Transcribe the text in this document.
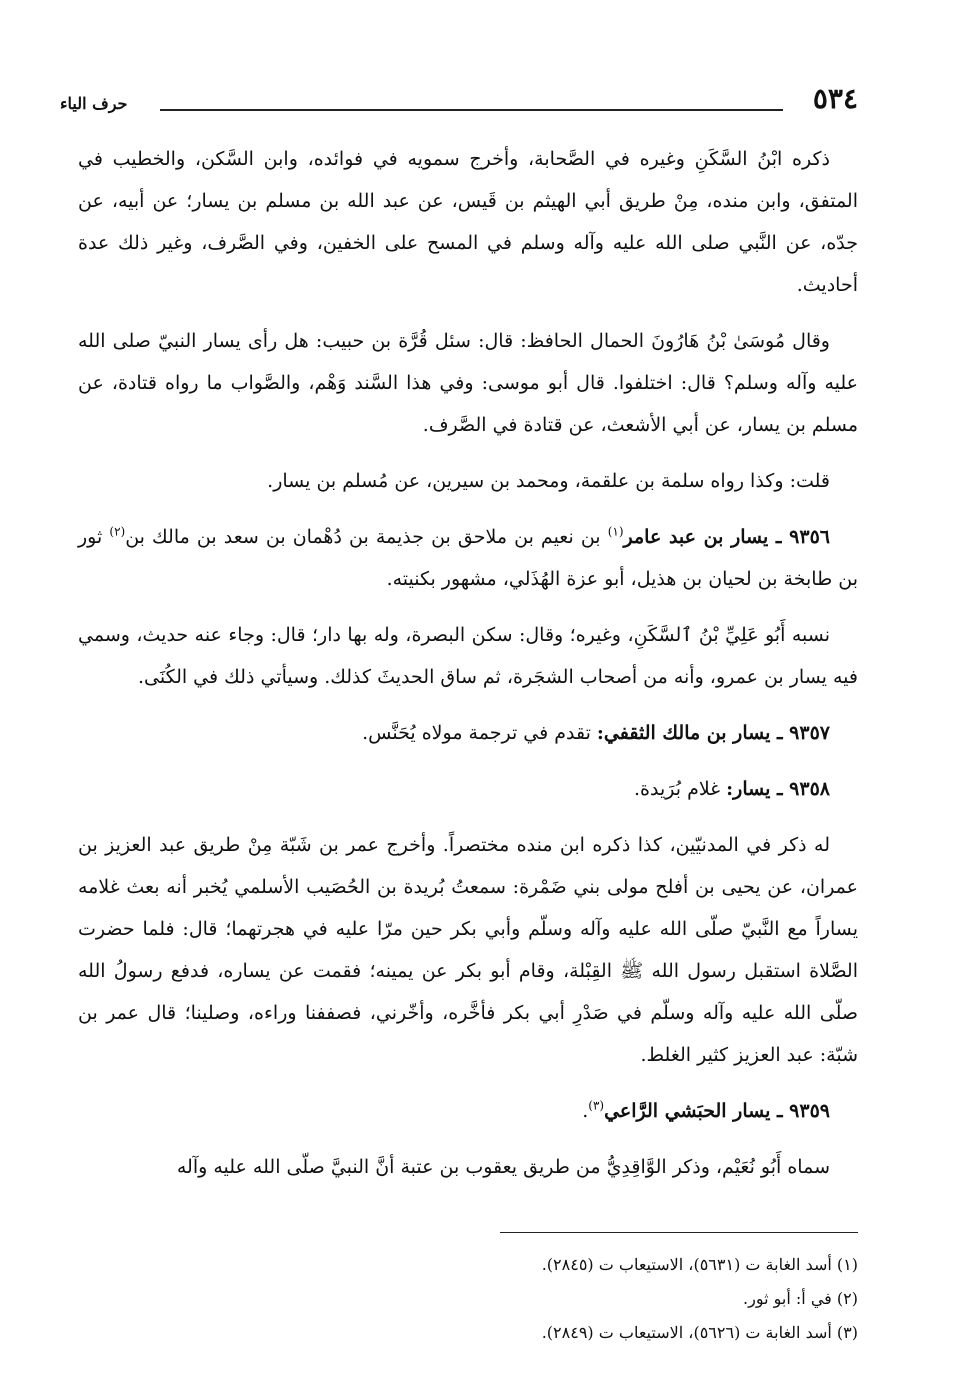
٥٣٤
حرف الياء

ذكره ابْنُ السَّكَنِ وغيره في الصَّحابة، وأخرج سمويه في فوائده، وابن السَّكن، والخطيب في المتفق، وابن منده، مِنْ طريق أبي الهيثم بن قَيس، عن عبد الله بن مسلم بن يسار؛ عن أبيه، عن جدّه، عن النَّبي صلى الله عليه وآله وسلم في المسح على الخفين، وفي الصَّرف، وغير ذلك عدة أحاديث.

وقال مُوسَىٰ بْنُ هَارُونَ الحمال الحافظ: قال: سئل قُرَّة بن حبيب: هل رأى يسار النبيّ صلى الله عليه وآله وسلم؟ قال: اختلفوا. قال أبو موسى: وفي هذا السَّند وَهْم، والصَّواب ما رواه قتادة، عن مسلم بن يسار، عن أبي الأشعث، عن قتادة في الصَّرف.

قلت: وكذا رواه سلمة بن علقمة، ومحمد بن سيرين، عن مُسلم بن يسار.

٩٣٥٦ ـ يسار بن عبد عامر$^{(١)}$ بن نعيم بن ملاحق بن جذيمة بن دُهْمان بن سعد بن مالك بن$^{(٢)}$ ثور بن طابخة بن لحيان بن هذيل، أبو عزة الهُذَلي، مشهور بكنيته.

نسبه أَبُو عَلِيِّ بْنُ ٱلسَّكَنِ، وغيره؛ وقال: سكن البصرة، وله بها دار؛ قال: وجاء عنه حديث، وسمي فيه يسار بن عمرو، وأنه من أصحاب الشجَرة، ثم ساق الحديثَ كذلك. وسيأتي ذلك في الكُنَى.

٩٣٥٧ ـ يسار بن مالك الثقفي: تقدم في ترجمة مولاه يُحَنَّس.

٩٣٥٨ ـ يسار: غلام بُرَيدة.

له ذكر في المدنيّين، كذا ذكره ابن منده مختصراً. وأخرج عمر بن شَبّة مِنْ طريق عبد العزيز بن عمران، عن يحيى بن أفلح مولى بني ضَمْرة: سمعتُ بُريدة بن الحُصَيب الأسلمي يُخبر أنه بعث غلامه يساراً مع النَّبيّ صلّى الله عليه وآله وسلّم وأبي بكر حين مرّا عليه في هجرتهما؛ قال: فلما حضرت الصَّلاة استقبل رسول الله ﷺ القِبْلة، وقام أبو بكر عن يمينه؛ فقمت عن يساره، فدفع رسولُ الله صلّى الله عليه وآله وسلّم في صَدْرِ أبي بكر فأخَّره، وأخّرني، فصففنا وراءه، وصلينا؛ قال عمر بن شبّة: عبد العزيز كثير الغلط.

٩٣٥٩ ـ يسار الحبَشي الرَّاعي$^{(٣)}$.

سماه أَبُو نُعَيْم، وذكر الوَّاقِدِيُّ من طريق يعقوب بن عتبة أنَّ النبيَّ صلّى الله عليه وآله

(١) أسد الغابة ت (٥٦٣١)، الاستيعاب ت (٢٨٤٥).

(٢) في أ: أبو ثور.

(٣) أسد الغابة ت (٥٦٢٦)، الاستيعاب ت (٢٨٤٩).
